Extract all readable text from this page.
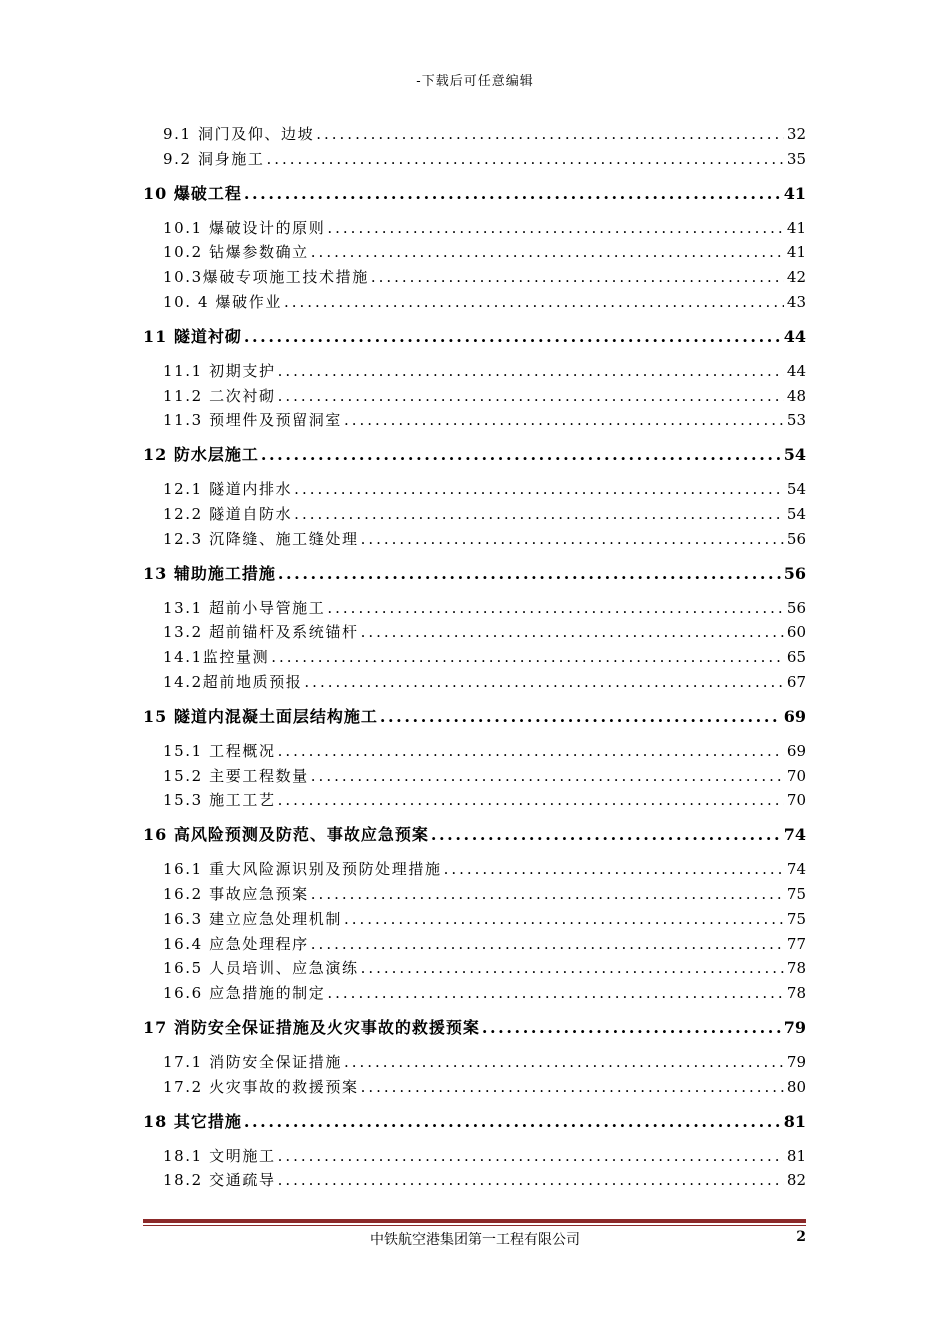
-下载后可任意编辑
9.1 洞门及仰、边坡 .....	32
9.2 洞身施工 .....	35
10 爆破工程 .....	41
10.1 爆破设计的原则 .....	41
10.2 钻爆参数确立 .....	41
10.3爆破专项施工技术措施 .....	42
10. 4 爆破作业 .....	43
11 隧道衬砌 .....	44
11.1 初期支护 .....	44
11.2 二次衬砌 .....	48
11.3 预埋件及预留洞室 .....	53
12 防水层施工 .....	54
12.1 隧道内排水 .....	54
12.2 隧道自防水 .....	54
12.3 沉降缝、施工缝处理 .....	56
13 辅助施工措施 .....	56
13.1 超前小导管施工 .....	56
13.2 超前锚杆及系统锚杆 .....	60
14.1监控量测 .....	65
14.2超前地质预报 .....	67
15 隧道内混凝土面层结构施工 .....	69
15.1 工程概况 .....	69
15.2 主要工程数量 .....	70
15.3 施工工艺 .....	70
16 高风险预测及防范、事故应急预案 .....	74
16.1 重大风险源识别及预防处理措施 .....	74
16.2 事故应急预案 .....	75
16.3 建立应急处理机制 .....	75
16.4 应急处理程序 .....	77
16.5 人员培训、应急演练 .....	78
16.6 应急措施的制定 .....	78
17 消防安全保证措施及火灾事故的救援预案 .....	79
17.1 消防安全保证措施 .....	79
17.2 火灾事故的救援预案 .....	80
18 其它措施 .....	81
18.1 文明施工 .....	81
18.2 交通疏导 .....	82
中铁航空港集团第一工程有限公司	2
